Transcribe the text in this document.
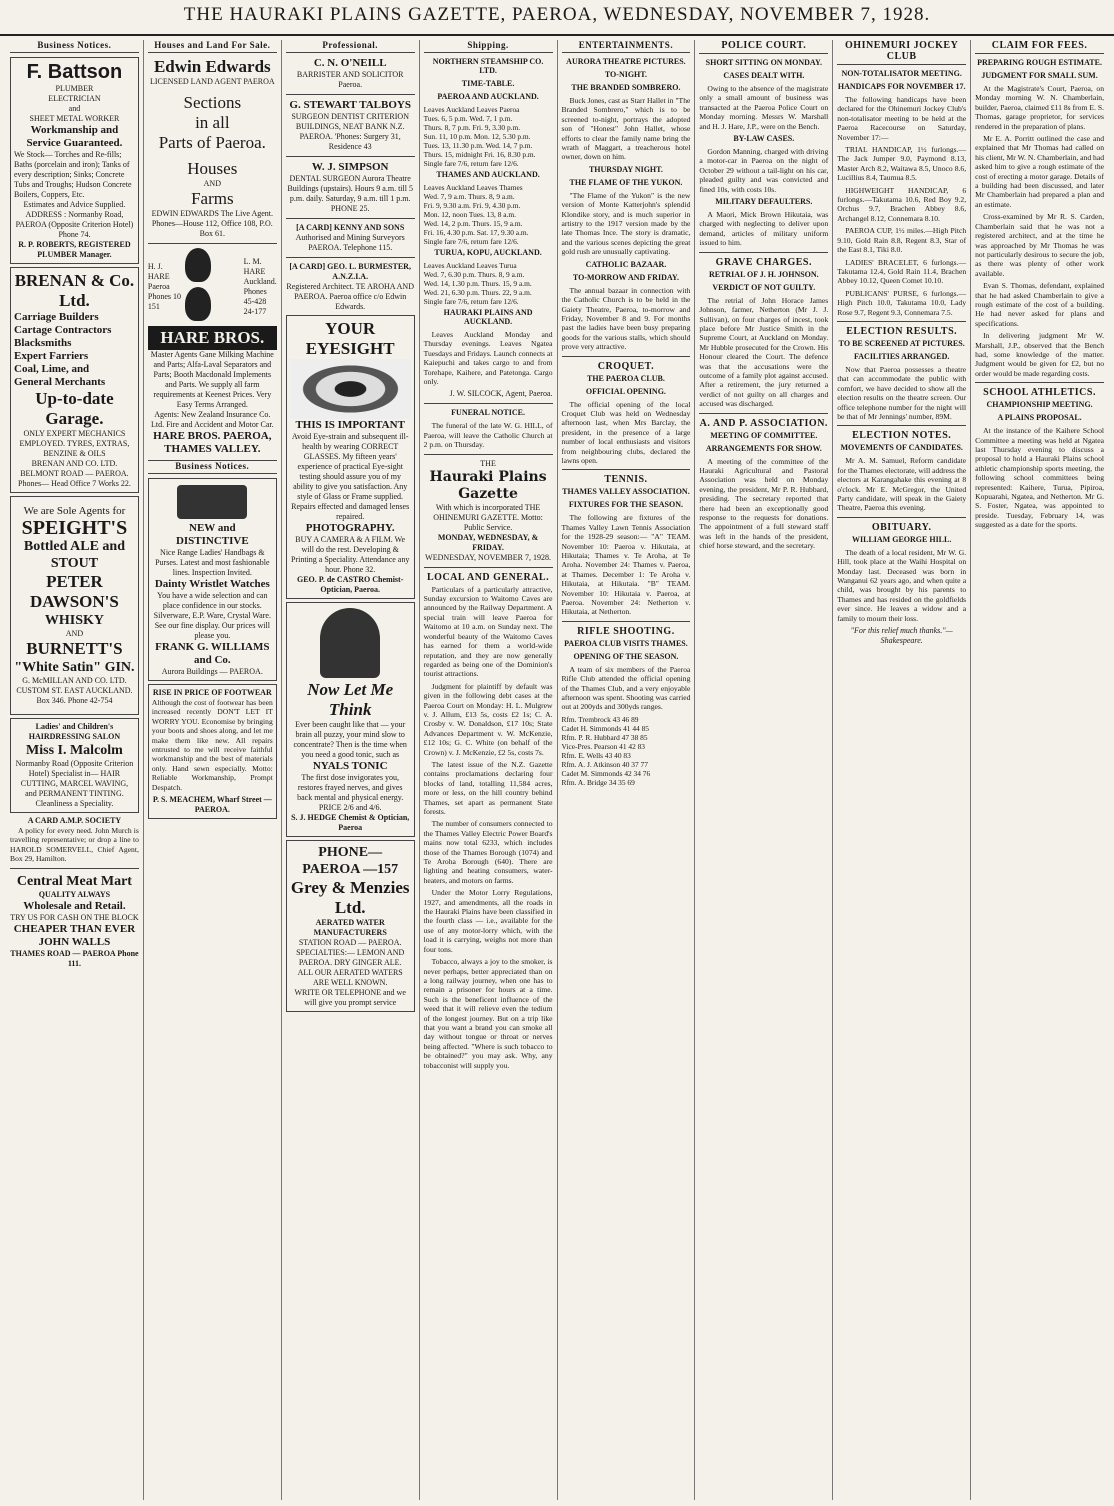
THE HAURAKI PLAINS GAZETTE, PAEROA, WEDNESDAY, NOVEMBER 7, 1928.
Business Notices.
F. Battson
PLUMBER
ELECTRICIAN
and
SHEET METAL WORKER
Workmanship and Service Guaranteed.
We Stock— Torches and Re-fills; Baths (porcelain and iron); Tanks of every description; Sinks; Concrete Tubs and Troughs; Hudson Concrete Boilers, Coppers, Etc.
Estimates and Advice Supplied.
ADDRESS : Normanby Road, PAEROA (Opposite Criterion Hotel) Phone 74.
R. P. ROBERTS, REGISTERED PLUMBER Manager.
BRENAN & Co. Ltd.
Carriage Builders
Cartage Contractors
Blacksmiths
Expert Farriers
Coal, Lime, and
General Merchants
Up-to-date Garage.
ONLY EXPERT MECHANICS EMPLOYED. TYRES, EXTRAS, BENZINE & OILS
BRENAN AND CO. LTD. BELMONT ROAD — PAEROA. Phones— Head Office 7 Works 22.
We are Sole Agents for
SPEIGHT'S
Bottled ALE and STOUT
PETER DAWSON'S
WHISKY
AND
BURNETT'S
"White Satin" GIN.
G. McMILLAN AND CO. LTD. CUSTOM ST. EAST AUCKLAND. Box 346. Phone 42-754
Ladies' and Children's HAIRDRESSING SALON
Miss I. Malcolm
Normanby Road (Opposite Criterion Hotel) Specialist in— HAIR CUTTING, MARCEL WAVING, and PERMANENT TINTING. Cleanliness a Speciality.
A CARD A.M.P. SOCIETY

A policy for every need. John Murch is travelling representative; or drop a line to HAROLD SOMERVELL, Chief Agent, Box 29, Hamilton.

Central Meat Mart
QUALITY ALWAYS
Wholesale and Retail.
TRY US FOR CASH ON THE BLOCK
CHEAPER THAN EVER JOHN WALLS
THAMES ROAD — PAEROA Phone 111.
Houses and Land For Sale.
Edwin Edwards
LICENSED LAND AGENT PAEROA
Sections
in all
Parts of Paeroa.
Houses
AND
Farms
EDWIN EDWARDS The Live Agent. Phones—House 112, Office 108, P.O. Box 61.
H. J. HARE Paeroa Phones 10 151
L. M. HARE Auckland. Phones 45-428 24-177
HARE BROS.
Master Agents Gane Milking Machine and Parts; Alfa-Laval Separators and Parts; Booth Macdonald Implements and Parts. We supply all farm requirements at Keenest Prices. Very Easy Terms Arranged.
Agents: New Zealand Insurance Co. Ltd. Fire and Accident and Motor Car.
HARE BROS. PAEROA, THAMES VALLEY.
Business Notices.
NEW and DISTINCTIVE
Nice Range Ladies' Handbags & Purses. Latest and most fashionable lines. Inspection Invited.
Dainty Wristlet Watches
You have a wide selection and can place confidence in our stocks. Silverware, E.P. Ware, Crystal Ware. See our fine display. Our prices will please you.
FRANK G. WILLIAMS and Co.
Aurora Buildings — PAEROA.
RISE IN PRICE OF FOOTWEAR

Although the cost of footwear has been increased recently DON'T LET IT WORRY YOU. Economise by bringing your boots and shoes along, and let me make them like new. All repairs entrusted to me will receive faithful workmanship and the best of materials only. Hand sewn especially. Motto: Reliable Workmanship, Prompt Despatch.

P. S. MEACHEM, Wharf Street — PAEROA.
Professional.
C. N. O'NEILL
BARRISTER AND SOLICITOR Paeroa.
G. STEWART TALBOYS
SURGEON DENTIST CRITERION BUILDINGS, NEAT BANK N.Z. PAEROA. 'Phones: Surgery 31, Residence 43
W. J. SIMPSON
DENTAL SURGEON Aurora Theatre Buildings (upstairs). Hours 9 a.m. till 5 p.m. daily. Saturday, 9 a.m. till 1 p.m. PHONE 25.
[A CARD] KENNY AND SONS
Authorised and Mining Surveyors PAEROA. Telephone 115.
[A CARD] GEO. L. BURMESTER, A.N.Z.I.A.
Registered Architect. TE AROHA AND PAEROA. Paeroa office c/o Edwin Edwards.
YOUR EYESIGHT
THIS IS IMPORTANT
Avoid Eye-strain and subsequent ill-health by wearing CORRECT GLASSES. My fifteen years' experience of practical Eye-sight testing should assure you of my ability to give you satisfaction. Any style of Glass or Frame supplied. Repairs effected and damaged lenses repaired.
PHOTOGRAPHY.
BUY A CAMERA & A FILM. We will do the rest. Developing & Printing a Speciality. Attendance any hour. Phone 32.
GEO. P. de CASTRO Chemist-Optician, Paeroa.
Now Let Me Think
Ever been caught like that — your brain all puzzy, your mind slow to concentrate? Then is the time when you need a good tonic, such as
NYALS TONIC
The first dose invigorates you, restores frayed nerves, and gives back mental and physical energy. PRICE 2/6 and 4/6.
S. J. HEDGE Chemist & Optician, Paeroa
PHONE—PAEROA —157
Grey & Menzies Ltd.
AERATED WATER MANUFACTURERS
STATION ROAD — PAEROA.
SPECIALTIES:— LEMON AND PAEROA. DRY GINGER ALE.
ALL OUR AERATED WATERS ARE WELL KNOWN.
WRITE OR TELEPHONE and we will give you prompt service
Shipping.
NORTHERN STEAMSHIP CO. LTD.
TIME-TABLE.
PAEROA AND AUCKLAND.
Leaves Auckland Leaves Paeroa
Tues. 6, 5 p.m. Wed. 7, 1 p.m.
Thurs. 8, 7 p.m. Fri. 9, 3.30 p.m.
Sun. 11, 10 p.m. Mon. 12, 5.30 p.m.
Tues. 13, 11.30 p.m. Wed. 14, 7 p.m.
Thurs. 15, midnight Fri. 16, 8.30 p.m.
Single fare 7/6, return fare 12/6.
THAMES AND AUCKLAND.
Leaves Auckland Leaves Thames
Wed. 7, 9 a.m. Thurs. 8, 9 a.m.
Fri. 9, 9.30 a.m. Fri. 9, 4.30 p.m.
Mon. 12, noon Tues. 13, 8 a.m.
Wed. 14, 2 p.m. Thurs. 15, 9 a.m.
Fri. 16, 4.30 p.m. Sat. 17, 9.30 a.m.
Single fare 7/6, return fare 12/6.
TURUA, KOPU, AUCKLAND.
Leaves Auckland Leaves Turua
Wed. 7, 6.30 p.m. Thurs. 8, 9 a.m.
Wed. 14, 1.30 p.m. Thurs. 15, 9 a.m.
Wed. 21, 6.30 p.m. Thurs. 22, 9 a.m.
Single fare 7/6, return fare 12/6.
HAURAKI PLAINS AND AUCKLAND.

Leaves Auckland Monday and Thursday evenings. Leaves Ngatea Tuesdays and Fridays. Launch connects at Kaiepuchi and takes cargo to and from Torehape, Kaihere, and Patetonga. Cargo only.

J. W. SILCOCK, Agent, Paeroa.
FUNERAL NOTICE.

The funeral of the late W. G. HILL, of Paeroa, will leave the Catholic Church at 2 p.m. on Thursday.

THE
Hauraki Plains Gazette
With which is incorporated THE OHINEMURI GAZETTE. Motto: Public Service.
MONDAY, WEDNESDAY, & FRIDAY.
WEDNESDAY, NOVEMBER 7, 1928.
LOCAL AND GENERAL.

Particulars of a particularly attractive, Sunday excursion to Waitomo Caves are announced by the Railway Department. A special train will leave Paeroa for Waitomo at 10 a.m. on Sunday next. The wonderful beauty of the Waitomo Caves has earned for them a world-wide reputation, and they are now generally regarded as being one of the Dominion's tourist attractions.

Judgment for plaintiff by default was given in the following debt cases at the Paeroa Court on Monday: H. L. Mulgrew v. J. Allum, £13 5s, costs £2 1s; C. A. Crosby v. W. Donaldson, £17 10s; State Advances Department v. W. McKenzie, £12 10s; G. C. White (on behalf of the Crown) v. J. McKenzie, £2 5s, costs 7s.

The latest issue of the N.Z. Gazette contains proclamations declaring four blocks of land, totalling 11,584 acres, more or less, on the hill country behind Thames, set apart as permanent State forests.

The number of consumers connected to the Thames Valley Electric Power Board's mains now total 6233, which includes those of the Thames Borough (1074) and Te Aroha Borough (640). There are lighting and heating consumers, water-heaters, and motors on farms.

Under the Motor Lorry Regulations, 1927, and amendments, all the roads in the Hauraki Plains have been classified in the fourth class — i.e., available for the use of any motor-lorry which, with the load it is carrying, weighs not more than four tons.

Tobacco, always a joy to the smoker, is never perhaps, better appreciated than on a long railway journey, when one has to remain a prisoner for hours at a time. Such is the beneficent influence of the weed that it will relieve even the tedium of the longest journey. But on a trip like that you want a brand you can smoke all day without tongue or throat or nerves being affected. "Where is such tobacco to be obtained?" you may ask. Why, any tobacconist will supply you.

ENTERTAINMENTS.
AURORA THEATRE PICTURES.
TO-NIGHT.
THE BRANDED SOMBRERO.

Buck Jones, cast as Starr Hallet in "The Branded Sombrero," which is to be screened to-night, portrays the adopted son of "Honest" John Hallet, whose efforts to clear the family name bring the wrath of Maggart, a treacherous hotel owner, down on him.

THURSDAY NIGHT.
THE FLAME OF THE YUKON.

"The Flame of the Yukon" is the new version of Monte Katterjohn's splendid Klondike story, and is much superior in artistry to the 1917 version made by the late Thomas Ince. The story is dramatic, and the various scenes depicting the great gold rush are unusually captivating.

CATHOLIC BAZAAR.
TO-MORROW AND FRIDAY.

The annual bazaar in connection with the Catholic Church is to be held in the Gaiety Theatre, Paeroa, to-morrow and Friday, November 8 and 9. For months past the ladies have been busy preparing goods for the various stalls, which should prove very attractive.

CROQUET.
THE PAEROA CLUB.
OFFICIAL OPENING.

The official opening of the local Croquet Club was held on Wednesday afternoon last, when Mrs Barclay, the president, in the presence of a large number of local enthusiasts and visitors from neighbouring clubs, declared the lawns open.

TENNIS.
THAMES VALLEY ASSOCIATION.
FIXTURES FOR THE SEASON.

The following are fixtures of the Thames Valley Lawn Tennis Association for the 1928-29 season:— "A" TEAM. November 10: Paeroa v. Hikutaia, at Hikutaia; Thames v. Te Aroha, at Te Aroha. November 24: Thames v. Paeroa, at Thames. December 1: Te Aroha v. Hikutaia, at Hikutaia. "B" TEAM. November 10: Hikutaia v. Paeroa, at Paeroa. November 24: Netherton v. Hikutaia, at Netherton.

RIFLE SHOOTING.
PAEROA CLUB VISITS THAMES.
OPENING OF THE SEASON.

A team of six members of the Paeroa Rifle Club attended the official opening of the Thames Club, and a very enjoyable afternoon was spent. Shooting was carried out at 200yds and 300yds ranges.

Rfm. Trembrock 43 46 89
Cadet H. Simmonds 41 44 85
Rfm. P. R. Hubbard 47 38 85
Vice-Pres. Pearson 41 42 83
Rfm. E. Wells 43 40 83
Rfm. A. J. Atkinson 40 37 77
Cadet M. Simmonds 42 34 76
Rfm. A. Bridge 34 35 69
POLICE COURT.
SHORT SITTING ON MONDAY.
CASES DEALT WITH.

Owing to the absence of the magistrate only a small amount of business was transacted at the Paeroa Police Court on Monday morning. Messrs W. Marshall and H. J. Hare, J.P., were on the Bench.

BY-LAW CASES.

Gordon Manning, charged with driving a motor-car in Paeroa on the night of October 29 without a tail-light on his car, pleaded guilty and was convicted and fined 10s, with costs 10s.

MILITARY DEFAULTERS.

A Maori, Mick Brown Hikutaia, was charged with neglecting to deliver upon demand, articles of military uniform issued to him.

GRAVE CHARGES.
RETRIAL OF J. H. JOHNSON.
VERDICT OF NOT GUILTY.

The retrial of John Horace James Johnson, farmer, Netherton (Mr J. J. Sullivan), on four charges of incest, took place before Mr Justice Smith in the Supreme Court, at Auckland on Monday. Mr Hubble prosecuted for the Crown. His Honour cleared the Court. The defence was that the accusations were the outcome of a family plot against accused. After a retirement, the jury returned a verdict of not guilty on all charges and accused was discharged.

A. AND P. ASSOCIATION.
MEETING OF COMMITTEE.
ARRANGEMENTS FOR SHOW.

A meeting of the committee of the Hauraki Agricultural and Pastoral Association was held on Monday evening, the president, Mr P. R. Hubbard, presiding. The secretary reported that there had been an exceptionally good response to the requests for donations. The appointment of a full steward staff was left in the hands of the president, chief horse steward, and the secretary.

OHINEMURI JOCKEY CLUB
NON-TOTALISATOR MEETING.
HANDICAPS FOR NOVEMBER 17.

The following handicaps have been declared for the Ohinemuri Jockey Club's non-totalisator meeting to be held at the Paeroa Racecourse on Saturday, November 17:—

TRIAL HANDICAP, 1½ furlongs.—The Jack Jumper 9.0, Paymond 8.13, Master Arch 8.2, Waitawa 8.5, Unoco 8.6, Lucillius 8.4, Taumua 8.5.

HIGHWEIGHT HANDICAP, 6 furlongs.—Takutama 10.6, Red Boy 9.2, Orchus 9.7, Brachen Abbey 8.6, Archangel 8.12, Connemara 8.10.

PAEROA CUP, 1½ miles.—High Pitch 9.10, Gold Rain 8.8, Regent 8.3, Star of the East 8.1, Tiki 8.0.

LADIES' BRACELET, 6 furlongs.—Takutama 12.4, Gold Rain 11.4, Brachen Abbey 10.12, Queen Comet 10.10.

PUBLICANS' PURSE, 6 furlongs.—High Pitch 10.0, Takutama 10.0, Lady Rose 9.7, Regent 9.3, Connemara 7.5.

ELECTION RESULTS.
TO BE SCREENED AT PICTURES.
FACILITIES ARRANGED.

Now that Paeroa possesses a theatre that can accommodate the public with comfort, we have decided to show all the election results on the theatre screen. Our office telephone number for the night will be that of Mr Jennings' number, 89M.

ELECTION NOTES.
MOVEMENTS OF CANDIDATES.

Mr A. M. Samuel, Reform candidate for the Thames electorate, will address the electors at Karangahake this evening at 8 o'clock. Mr E. McGregor, the United Party candidate, will speak in the Gaiety Theatre, Paeroa this evening.

OBITUARY.
WILLIAM GEORGE HILL.

The death of a local resident, Mr W. G. Hill, took place at the Waihi Hospital on Monday last. Deceased was born in Wanganui 62 years ago, and when quite a child, was brought by his parents to Thames and has resided on the goldfields ever since. He leaves a widow and a family to mourn their loss.

"For this relief much thanks."—Shakespeare.
CLAIM FOR FEES.
PREPARING ROUGH ESTIMATE.
JUDGMENT FOR SMALL SUM.

At the Magistrate's Court, Paeroa, on Monday morning W. N. Chamberlain, builder, Paeroa, claimed £11 8s from E. S. Thomas, garage proprietor, for services rendered in the preparation of plans.

Mr E. A. Porritt outlined the case and explained that Mr Thomas had called on his client, Mr W. N. Chamberlain, and had asked him to give a rough estimate of the cost of erecting a motor garage. Details of a building had been discussed, and later Mr Chamberlain had prepared a plan and an estimate.

Cross-examined by Mr R. S. Carden, Chamberlain said that he was not a registered architect, and at the time he was approached by Mr Thomas he was not particularly desirous to secure the job, as there was plenty of other work available.

Evan S. Thomas, defendant, explained that he had asked Chamberlain to give a rough estimate of the cost of a building. He had never asked for plans and specifications.

In delivering judgment Mr W. Marshall, J.P., observed that the Bench had, some knowledge of the matter. Judgment would be given for £2, but no order would be made regarding costs.

SCHOOL ATHLETICS.
CHAMPIONSHIP MEETING.
A PLAINS PROPOSAL.

At the instance of the Kaihere School Committee a meeting was held at Ngatea last Thursday evening to discuss a proposal to hold a Hauraki Plains school athletic championship sports meeting, the following school committees being represented: Kaihere, Turua, Pipiroa, Kopuarahi, Ngatea, and Netherton. Mr G. S. Foster, Ngatea, was appointed to preside. Tuesday, February 14, was suggested as a date for the sports.
